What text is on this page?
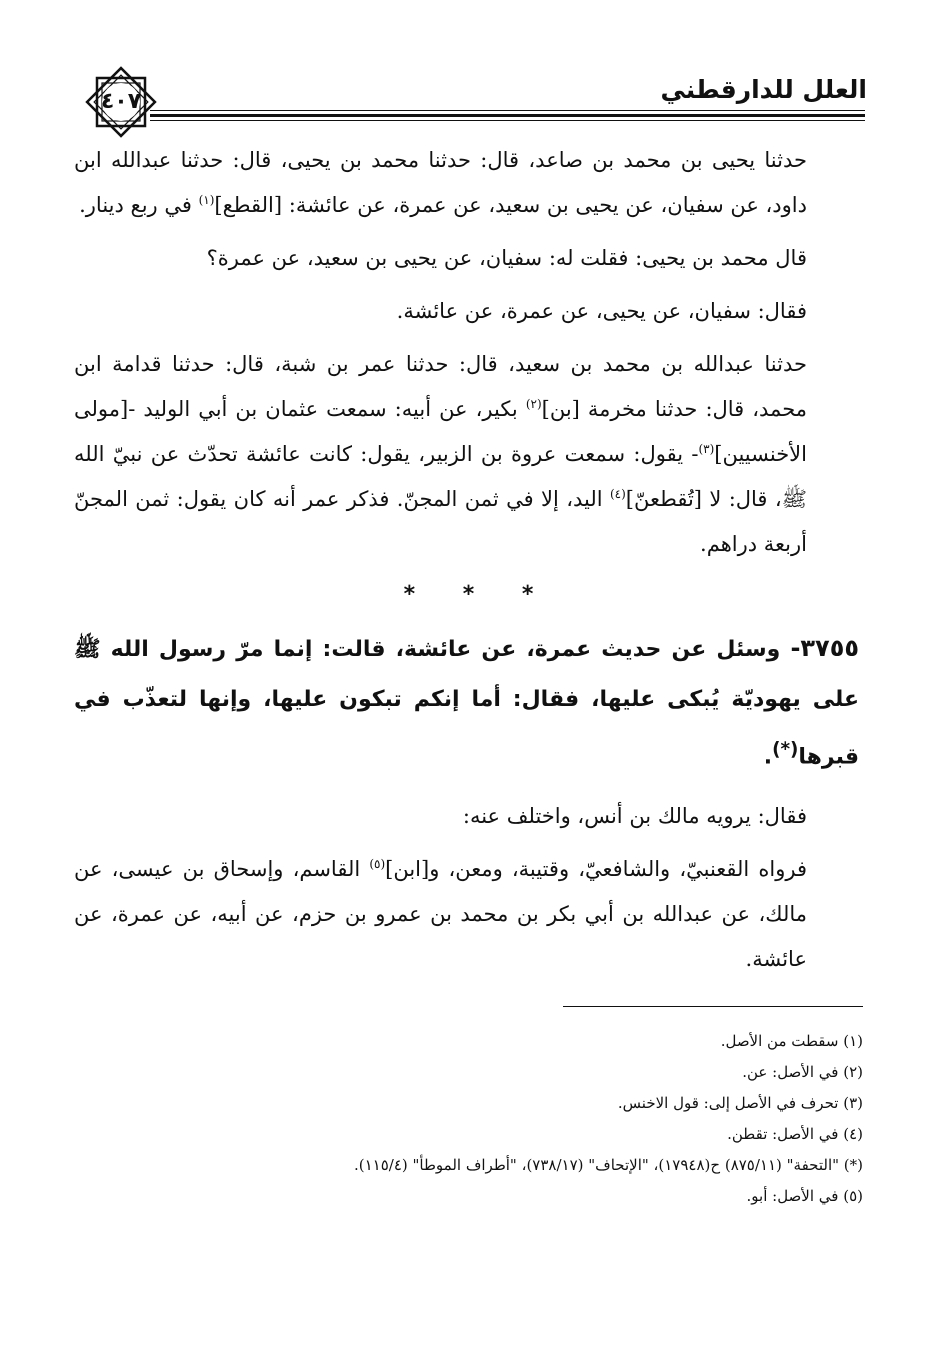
العلل للدارقطني
٤٠٧

حدثنا يحيى بن محمد بن صاعد، قال: حدثنا محمد بن يحيى، قال: حدثنا عبدالله ابن داود، عن سفيان، عن يحيى بن سعيد، عن عمرة، عن عائشة: [القطع]$^{(١)}$ في ربع دينار.

قال محمد بن يحيى: فقلت له: سفيان، عن يحيى بن سعيد، عن عمرة؟

فقال: سفيان، عن يحيى، عن عمرة، عن عائشة.

حدثنا عبدالله بن محمد بن سعيد، قال: حدثنا عمر بن شبة، قال: حدثنا قدامة ابن محمد، قال: حدثنا مخرمة [بن]$^{(٢)}$ بكير، عن أبيه: سمعت عثمان بن أبي الوليد -[مولى الأخنسيين]$^{(٣)}$- يقول: سمعت عروة بن الزبير، يقول: كانت عائشة تحدّث عن نبيّ الله ﷺ، قال: لا [تُقطعنّ]$^{(٤)}$ اليد، إلا في ثمن المجنّ. فذكر عمر أنه كان يقول: ثمن المجنّ أربعة دراهم.

* * *

٣٧٥٥- وسئل عن حديث عمرة، عن عائشة، قالت: إنما مرّ رسول الله ﷺ على يهوديّة يُبكى عليها، فقال: أما إنكم تبكون عليها، وإنها لتعذّب في قبرها(*).

فقال: يرويه مالك بن أنس، واختلف عنه:

فرواه القعنبيّ، والشافعيّ، وقتيبة، ومعن، و[ابن]$^{(٥)}$ القاسم، وإسحاق بن عيسى، عن مالك، عن عبدالله بن أبي بكر بن محمد بن عمرو بن حزم، عن أبيه، عن عمرة، عن عائشة.

(١) سقطت من الأصل.

(٢) في الأصل: عن.

(٣) تحرف في الأصل إلى: قول الاخنس.

(٤) في الأصل: تقطن.

(*) "التحفة" (٨٧٥/١١) ح(١٧٩٤٨)، "الإتحاف" (٧٣٨/١٧)، "أطراف الموطأ" (١١٥/٤).

(٥) في الأصل: أبو.
